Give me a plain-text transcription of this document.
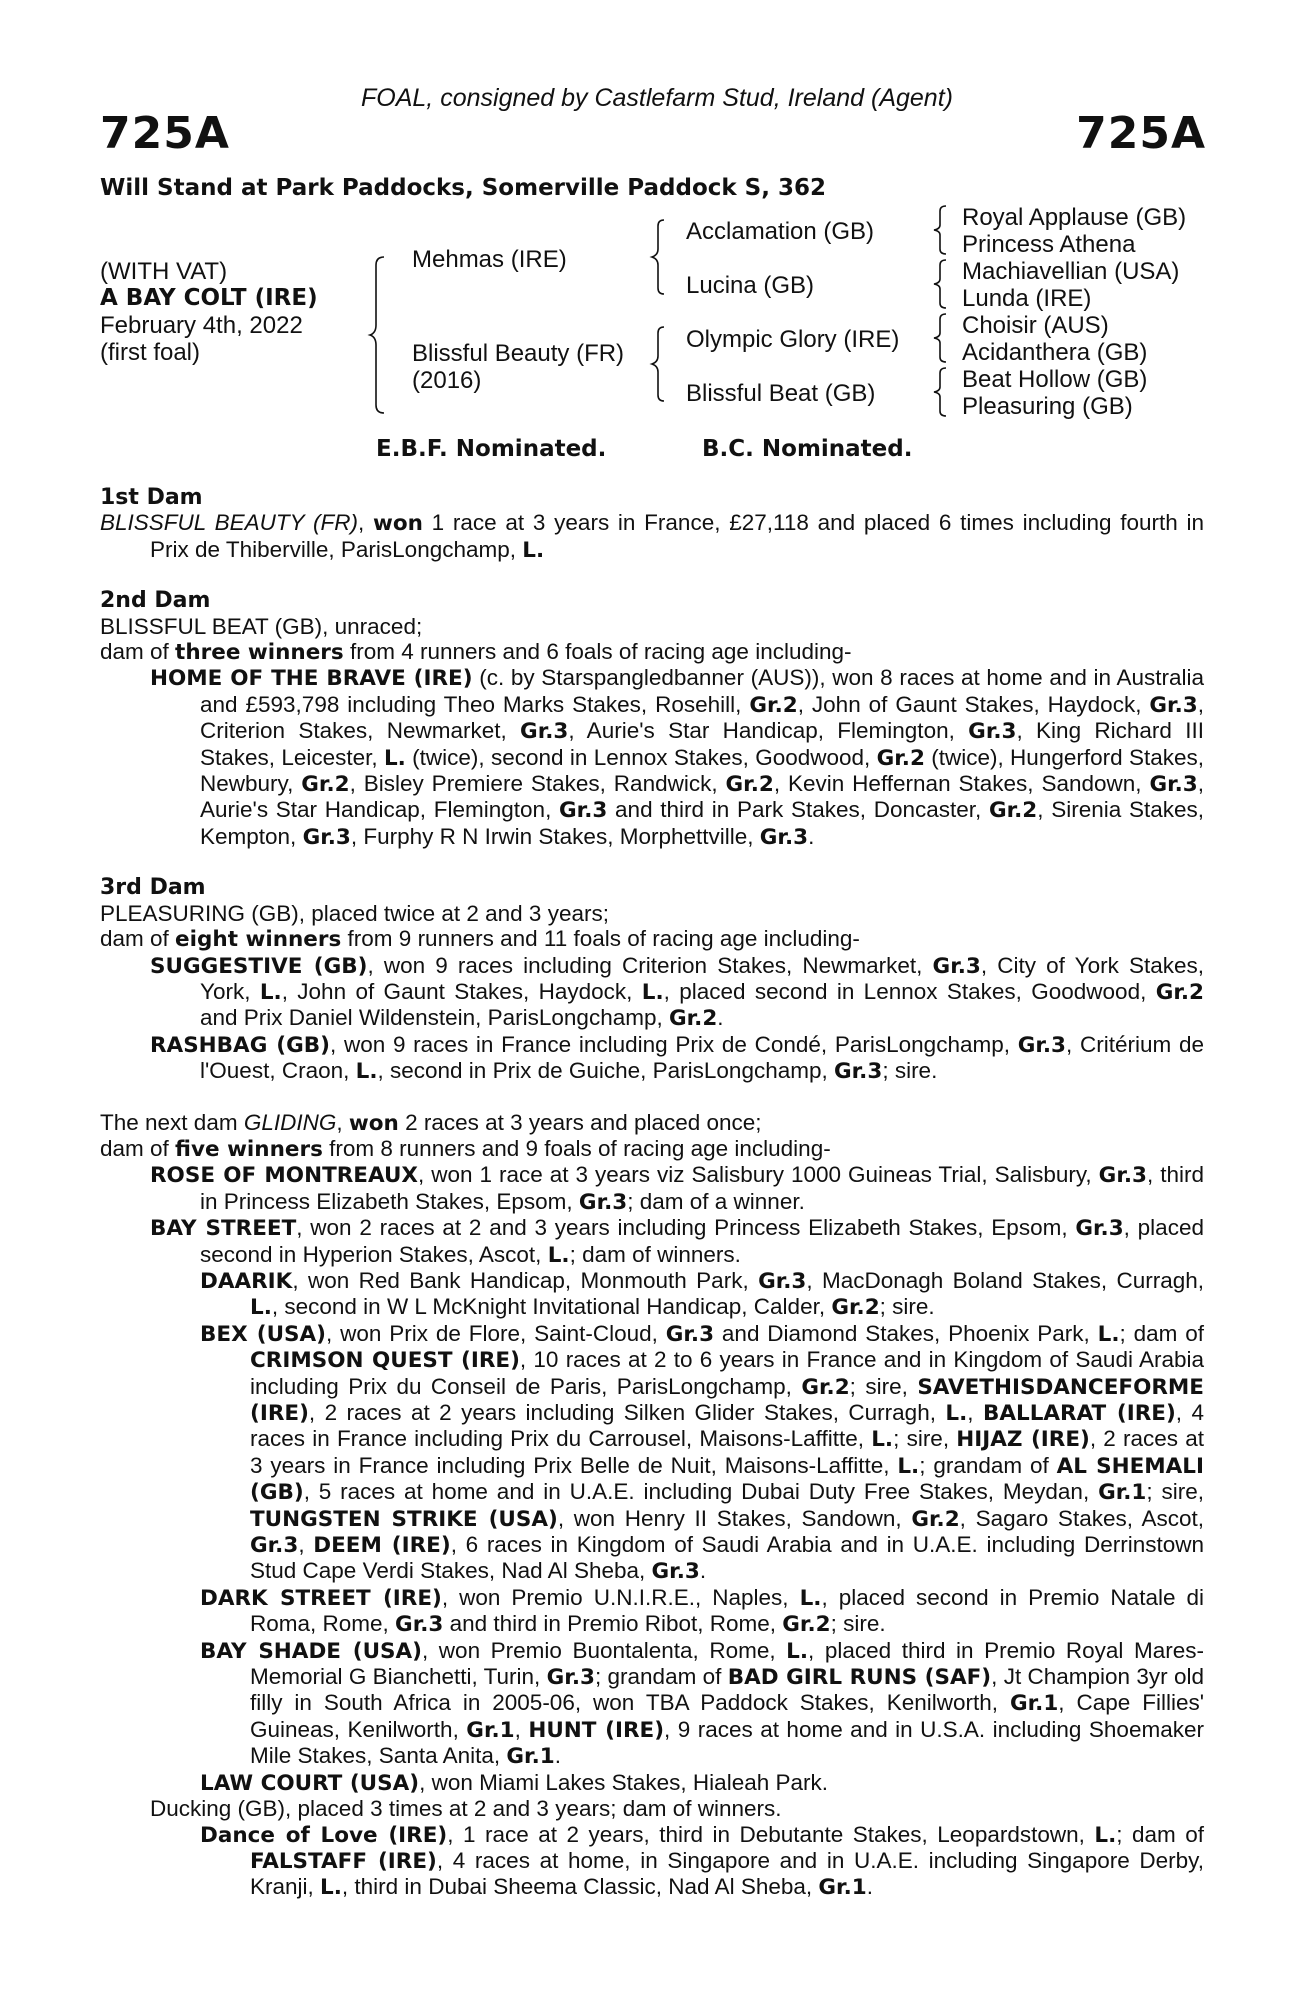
FOAL, consigned by Castlefarm Stud, Ireland (Agent)
725A	725A
Will Stand at Park Paddocks, Somerville Paddock S, 362
(WITH VAT)
A BAY COLT (IRE)
February 4th, 2022
(first foal)
Mehmas (IRE)
Blissful Beauty (FR)
(2016)
Acclamation (GB)
Lucina (GB)
Olympic Glory (IRE)
Blissful Beat (GB)
Royal Applause (GB)
Princess Athena
Machiavellian (USA)
Lunda (IRE)
Choisir (AUS)
Acidanthera (GB)
Beat Hollow (GB)
Pleasuring (GB)
E.B.F. Nominated.	B.C. Nominated.

1st Dam

BLISSFUL BEAUTY (FR), won 1 race at 3 years in France, £27,118 and placed 6 times including fourth in Prix de Thiberville, ParisLongchamp, L.

2nd Dam

BLISSFUL BEAT (GB), unraced;

dam of three winners from 4 runners and 6 foals of racing age including-

HOME OF THE BRAVE (IRE) (c. by Starspangledbanner (AUS)), won 8 races at home and in Australia and £593,798 including Theo Marks Stakes, Rosehill, Gr.2, John of Gaunt Stakes, Haydock, Gr.3, Criterion Stakes, Newmarket, Gr.3, Aurie's Star Handicap, Flemington, Gr.3, King Richard III Stakes, Leicester, L. (twice), second in Lennox Stakes, Goodwood, Gr.2 (twice), Hungerford Stakes, Newbury, Gr.2, Bisley Premiere Stakes, Randwick, Gr.2, Kevin Heffernan Stakes, Sandown, Gr.3, Aurie's Star Handicap, Flemington, Gr.3 and third in Park Stakes, Doncaster, Gr.2, Sirenia Stakes, Kempton, Gr.3, Furphy R N Irwin Stakes, Morphettville, Gr.3.

3rd Dam

PLEASURING (GB), placed twice at 2 and 3 years;

dam of eight winners from 9 runners and 11 foals of racing age including-

SUGGESTIVE (GB), won 9 races including Criterion Stakes, Newmarket, Gr.3, City of York Stakes, York, L., John of Gaunt Stakes, Haydock, L., placed second in Lennox Stakes, Goodwood, Gr.2 and Prix Daniel Wildenstein, ParisLongchamp, Gr.2.

RASHBAG (GB), won 9 races in France including Prix de Condé, ParisLongchamp, Gr.3, Critérium de l'Ouest, Craon, L., second in Prix de Guiche, ParisLongchamp, Gr.3; sire.

The next dam GLIDING, won 2 races at 3 years and placed once;

dam of five winners from 8 runners and 9 foals of racing age including-

ROSE OF MONTREAUX, won 1 race at 3 years viz Salisbury 1000 Guineas Trial, Salisbury, Gr.3, third in Princess Elizabeth Stakes, Epsom, Gr.3; dam of a winner.

BAY STREET, won 2 races at 2 and 3 years including Princess Elizabeth Stakes, Epsom, Gr.3, placed second in Hyperion Stakes, Ascot, L.; dam of winners.

DAARIK, won Red Bank Handicap, Monmouth Park, Gr.3, MacDonagh Boland Stakes, Curragh, L., second in W L McKnight Invitational Handicap, Calder, Gr.2; sire.

BEX (USA), won Prix de Flore, Saint-Cloud, Gr.3 and Diamond Stakes, Phoenix Park, L.; dam of CRIMSON QUEST (IRE), 10 races at 2 to 6 years in France and in Kingdom of Saudi Arabia including Prix du Conseil de Paris, ParisLongchamp, Gr.2; sire, SAVETHISDANCEFORME (IRE), 2 races at 2 years including Silken Glider Stakes, Curragh, L., BALLARAT (IRE), 4 races in France including Prix du Carrousel, Maisons-Laffitte, L.; sire, HIJAZ (IRE), 2 races at 3 years in France including Prix Belle de Nuit, Maisons-Laffitte, L.; grandam of AL SHEMALI (GB), 5 races at home and in U.A.E. including Dubai Duty Free Stakes, Meydan, Gr.1; sire, TUNGSTEN STRIKE (USA), won Henry II Stakes, Sandown, Gr.2, Sagaro Stakes, Ascot, Gr.3, DEEM (IRE), 6 races in Kingdom of Saudi Arabia and in U.A.E. including Derrinstown Stud Cape Verdi Stakes, Nad Al Sheba, Gr.3.

DARK STREET (IRE), won Premio U.N.I.R.E., Naples, L., placed second in Premio Natale di Roma, Rome, Gr.3 and third in Premio Ribot, Rome, Gr.2; sire.

BAY SHADE (USA), won Premio Buontalenta, Rome, L., placed third in Premio Royal Mares-Memorial G Bianchetti, Turin, Gr.3; grandam of BAD GIRL RUNS (SAF), Jt Champion 3yr old filly in South Africa in 2005-06, won TBA Paddock Stakes, Kenilworth, Gr.1, Cape Fillies' Guineas, Kenilworth, Gr.1, HUNT (IRE), 9 races at home and in U.S.A. including Shoemaker Mile Stakes, Santa Anita, Gr.1.

LAW COURT (USA), won Miami Lakes Stakes, Hialeah Park.

Ducking (GB), placed 3 times at 2 and 3 years; dam of winners.

Dance of Love (IRE), 1 race at 2 years, third in Debutante Stakes, Leopardstown, L.; dam of FALSTAFF (IRE), 4 races at home, in Singapore and in U.A.E. including Singapore Derby, Kranji, L., third in Dubai Sheema Classic, Nad Al Sheba, Gr.1.
